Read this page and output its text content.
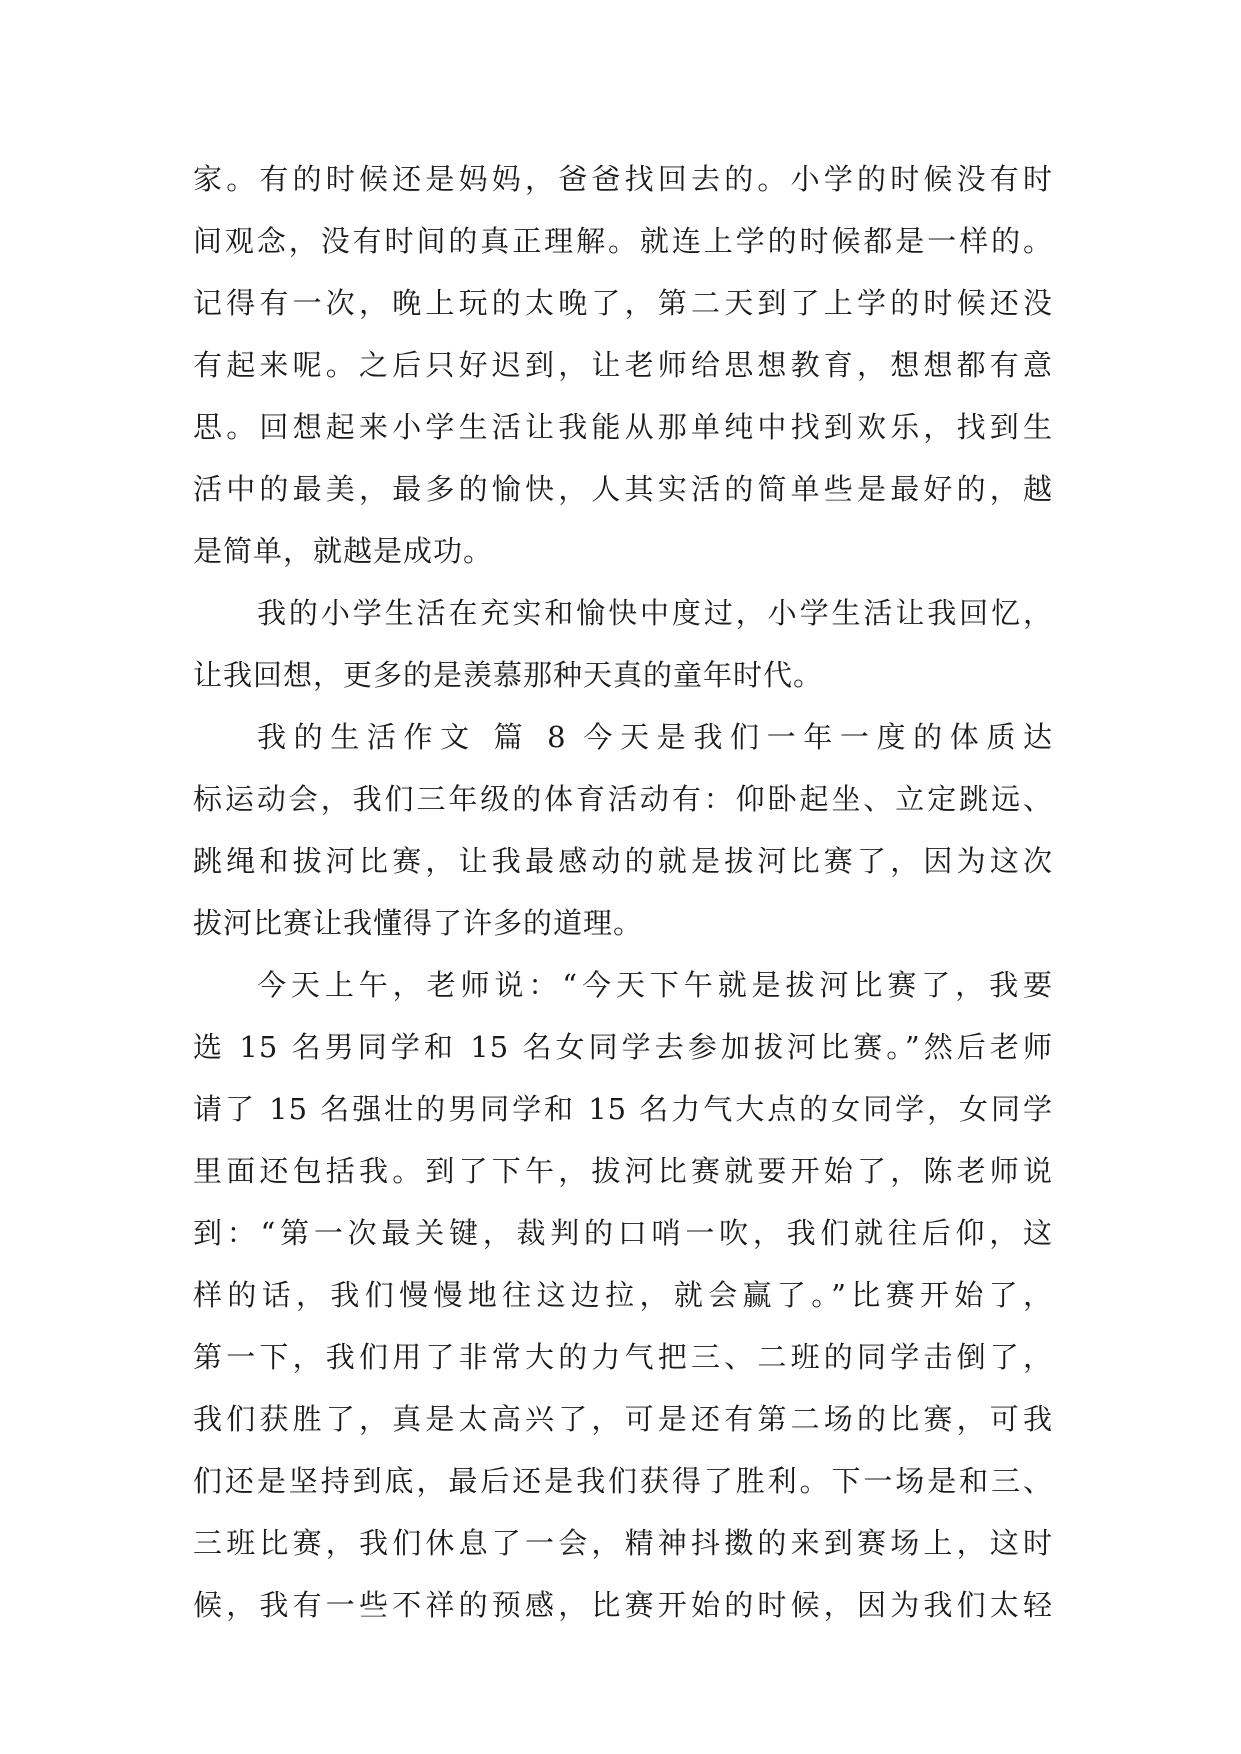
家。有的时候还是妈妈，爸爸找回去的。小学的时候没有时
间观念，没有时间的真正理解。就连上学的时候都是一样的。
记得有一次，晚上玩的太晚了，第二天到了上学的时候还没
有起来呢。之后只好迟到，让老师给思想教育，想想都有意
思。回想起来小学生活让我能从那单纯中找到欢乐，找到生
活中的最美，最多的愉快，人其实活的简单些是最好的，越
是简单，就越是成功。
我的小学生活在充实和愉快中度过，小学生活让我回忆，
让我回想，更多的是羡慕那种天真的童年时代。
我的生活作文 篇 8 今天是我们一年一度的体质达
标运动会，我们三年级的体育活动有：仰卧起坐、立定跳远、
跳绳和拔河比赛，让我最感动的就是拔河比赛了，因为这次
拔河比赛让我懂得了许多的道理。
今天上午，老师说：“今天下午就是拔河比赛了，我要
选 15 名男同学和 15 名女同学去参加拔河比赛。”然后老师
请了 15 名强壮的男同学和 15 名力气大点的女同学，女同学
里面还包括我。到了下午，拔河比赛就要开始了，陈老师说
到：“第一次最关键，裁判的口哨一吹，我们就往后仰，这
样的话，我们慢慢地往这边拉，就会赢了。”比赛开始了，
第一下，我们用了非常大的力气把三、二班的同学击倒了，
我们获胜了，真是太高兴了，可是还有第二场的比赛，可我
们还是坚持到底，最后还是我们获得了胜利。下一场是和三、
三班比赛，我们休息了一会，精神抖擞的来到赛场上，这时
候，我有一些不祥的预感，比赛开始的时候，因为我们太轻
